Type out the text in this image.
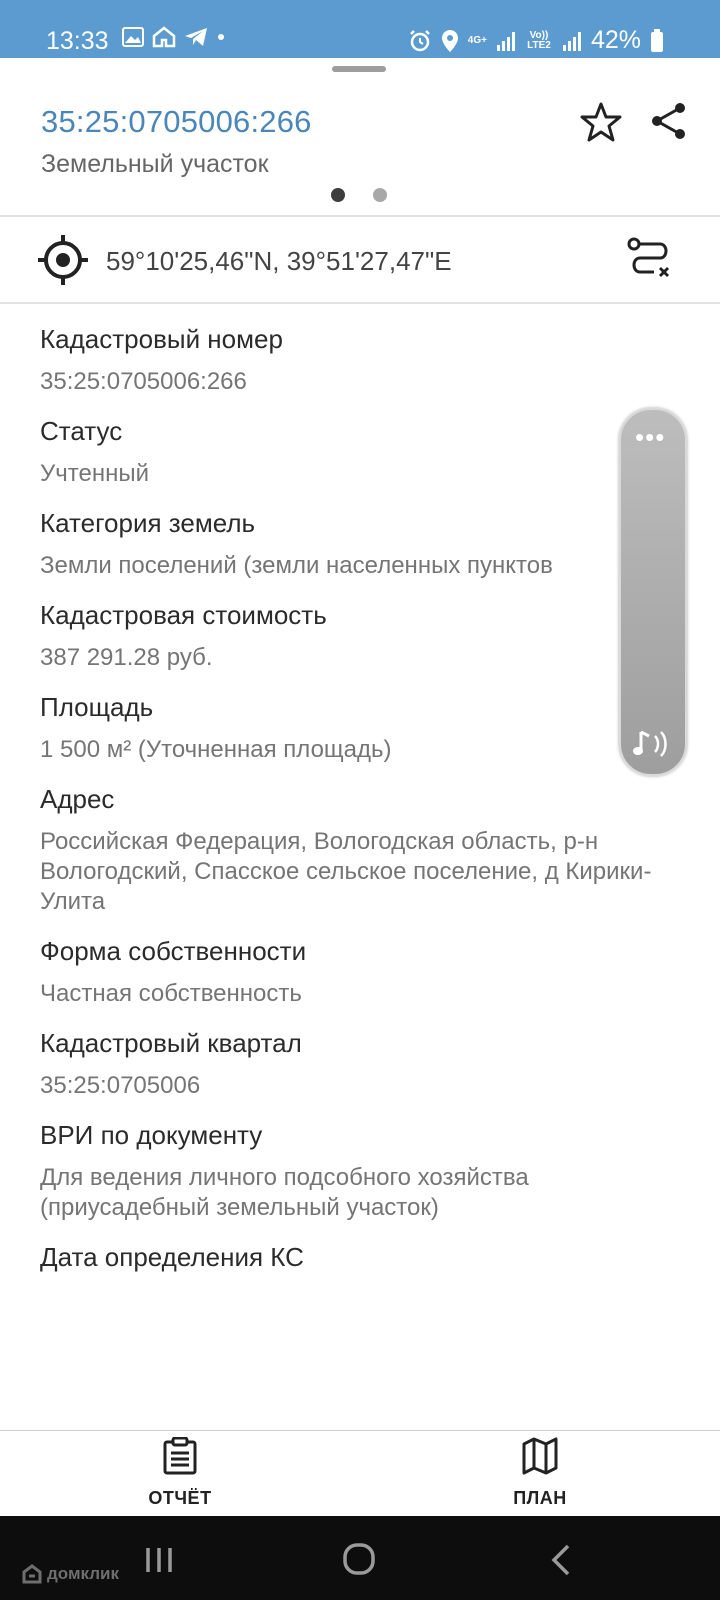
13:33	4G+	Vo)) LTE2 42%
35:25:0705006:266
Земельный участок
59°10'25,46"N, 39°51'27,47"E
Кадастровый номер
35:25:0705006:266
Статус
Учтенный
Категория земель
Земли поселений (земли населенных пунктов
Кадастровая стоимость
387 291.28 руб.
Площадь
1 500 м² (Уточненная площадь)
Адрес
Российская Федерация, Вологодская область, р-н Вологодский, Спасское сельское поселение, д Кирики-Улита
Форма собственности
Частная собственность
Кадастровый квартал
35:25:0705006
ВРИ по документу
Для ведения личного подсобного хозяйства (приусадебный земельный участок)
Дата определения КС
•••
ОТЧЁТ	ПЛАН
домклик
